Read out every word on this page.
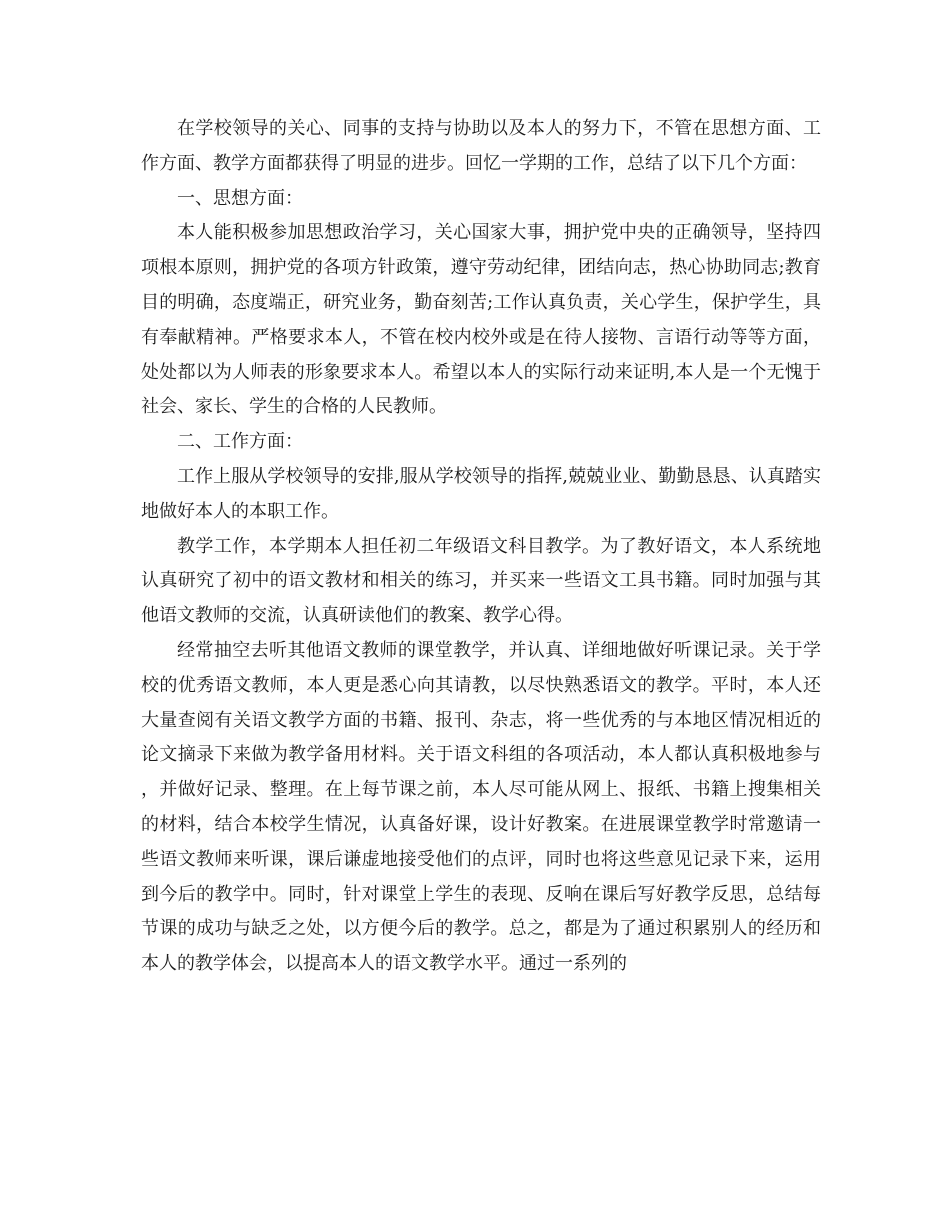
在学校领导的关心、同事的支持与协助以及本人的努力下，不管在思想方面、工作方面、教学方面都获得了明显的进步。回忆一学期的工作，总结了以下几个方面：

一、思想方面：

本人能积极参加思想政治学习，关心国家大事，拥护党中央的正确领导，坚持四项根本原则，拥护党的各项方针政策，遵守劳动纪律，团结向志，热心协助同志;教育目的明确，态度端正，研究业务，勤奋刻苦;工作认真负责，关心学生，保护学生，具有奉献精神。严格要求本人，不管在校内校外或是在待人接物、言语行动等等方面，处处都以为人师表的形象要求本人。希望以本人的实际行动来证明,本人是一个无愧于社会、家长、学生的合格的人民教师。

二、工作方面：

工作上服从学校领导的安排,服从学校领导的指挥,兢兢业业、勤勤恳恳、认真踏实地做好本人的本职工作。

教学工作，本学期本人担任初二年级语文科目教学。为了教好语文，本人系统地认真研究了初中的语文教材和相关的练习，并买来一些语文工具书籍。同时加强与其他语文教师的交流，认真研读他们的教案、教学心得。

经常抽空去听其他语文教师的课堂教学，并认真、详细地做好听课记录。关于学校的优秀语文教师，本人更是悉心向其请教，以尽快熟悉语文的教学。平时，本人还大量查阅有关语文教学方面的书籍、报刊、杂志，将一些优秀的与本地区情况相近的论文摘录下来做为教学备用材料。关于语文科组的各项活动，本人都认真积极地参与，并做好记录、整理。在上每节课之前，本人尽可能从网上、报纸、书籍上搜集相关的材料，结合本校学生情况，认真备好课，设计好教案。在进展课堂教学时常邀请一些语文教师来听课，课后谦虚地接受他们的点评，同时也将这些意见记录下来，运用到今后的教学中。同时，针对课堂上学生的表现、反响在课后写好教学反思，总结每节课的成功与缺乏之处，以方便今后的教学。总之，都是为了通过积累别人的经历和本人的教学体会，以提高本人的语文教学水平。通过一系列的
